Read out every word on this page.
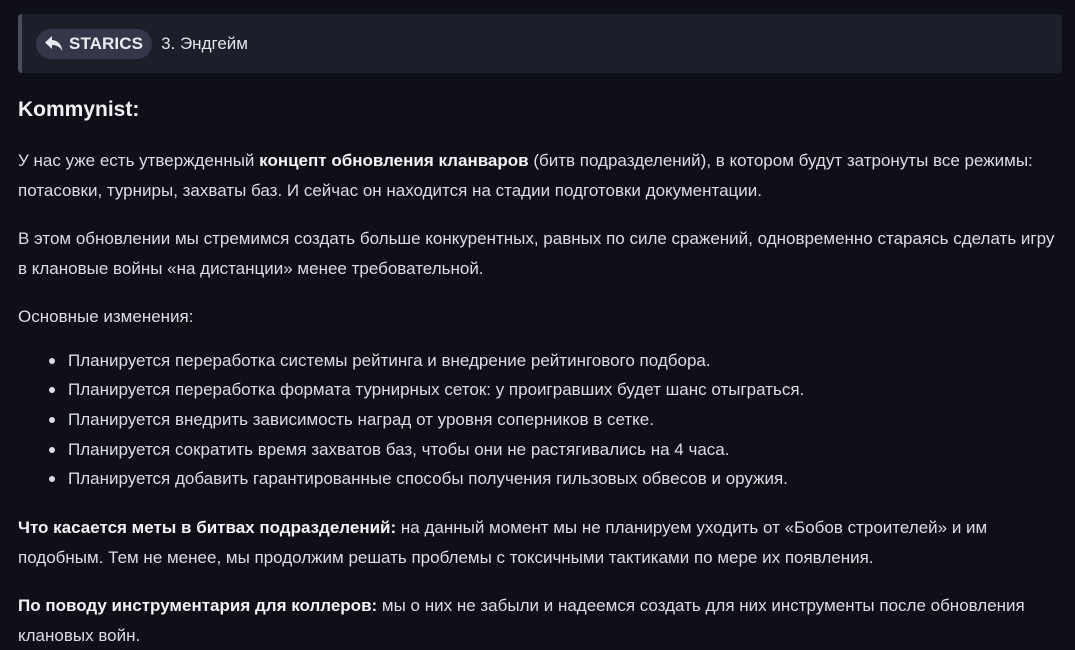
STARICS 3. Эндгейм
Kommynist:

У нас уже есть утвержденный концепт обновления кланваров (битв подразделений), в котором будут затронуты все режимы: потасовки, турниры, захваты баз. И сейчас он находится на стадии подготовки документации.

В этом обновлении мы стремимся создать больше конкурентных, равных по силе сражений, одновременно стараясь сделать игру в клановые войны «на дистанции» менее требовательной.

Основные изменения:

Планируется переработка системы рейтинга и внедрение рейтингового подбора.
Планируется переработка формата турнирных сеток: у проигравших будет шанс отыграться.
Планируется внедрить зависимость наград от уровня соперников в сетке.
Планируется сократить время захватов баз, чтобы они не растягивались на 4 часа.
Планируется добавить гарантированные способы получения гильзовых обвесов и оружия.

Что касается меты в битвах подразделений: на данный момент мы не планируем уходить от «Бобов строителей» и им подобным. Тем не менее, мы продолжим решать проблемы с токсичными тактиками по мере их появления.

По поводу инструментария для коллеров: мы о них не забыли и надеемся создать для них инструменты после обновления клановых войн.
